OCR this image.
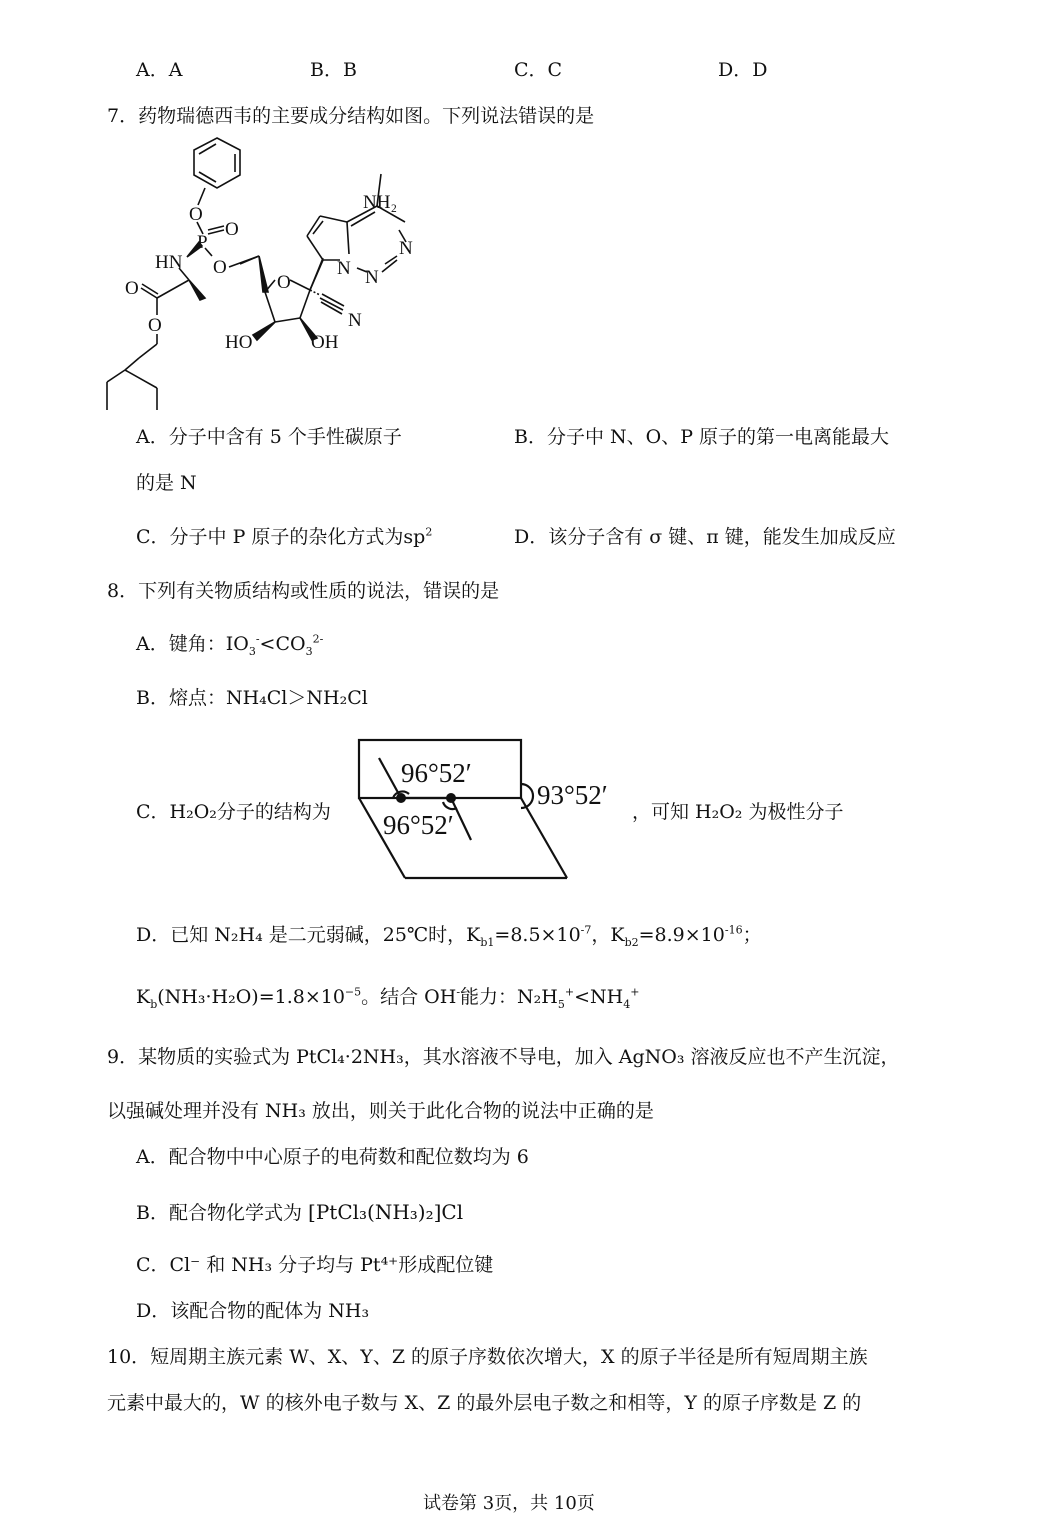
A．A	B．B	C．C	D．D
7．药物瑞德西韦的主要成分结构如图。下列说法错误的是
NH₂
O
P
O
HN O
O
O
O
N
N N
N
HO	OH
A．分子中含有 5 个手性碳原子	B．分子中 N、O、P 原子的第一电离能最大
的是 N
C．分子中 P 原子的杂化方式为$sp^2$	D．该分子含有 σ 键、π 键，能发生加成反应
8．下列有关物质结构或性质的说法，错误的是
A．键角：$IO_3^-<CO_3^{2-}$
B．熔点：NH₄Cl＞NH₂Cl
C．H₂O₂分子的结构为
96°52′
93°52′
96°52′	，可知 H₂O₂ 为极性分子
D．已知 N₂H₄ 是二元弱碱，25℃时，$K_{b1}=8.5\times 10^{-7}$，$K_{b2}=8.9\times 10^{-16}$；
$K_b(NH_3\cdot H_2O)=1.8\times 10^{-5}$。结合 OH-能力：$N_2H_5^+<NH_4^+$
9．某物质的实验式为 PtCl₄·2NH₃，其水溶液不导电，加入 AgNO₃ 溶液反应也不产生沉淀，
以强碱处理并没有 NH₃ 放出，则关于此化合物的说法中正确的是
A．配合物中中心原子的电荷数和配位数均为 6
B．配合物化学式为 [PtCl₃(NH₃)₂]Cl
C．Cl⁻ 和 NH₃ 分子均与 Pt⁴⁺形成配位键
D．该配合物的配体为 NH₃
10．短周期主族元素 W、X、Y、Z 的原子序数依次增大，X 的原子半径是所有短周期主族
元素中最大的，W 的核外电子数与 X、Z 的最外层电子数之和相等，Y 的原子序数是 Z 的
试卷第 3页，共 10页
